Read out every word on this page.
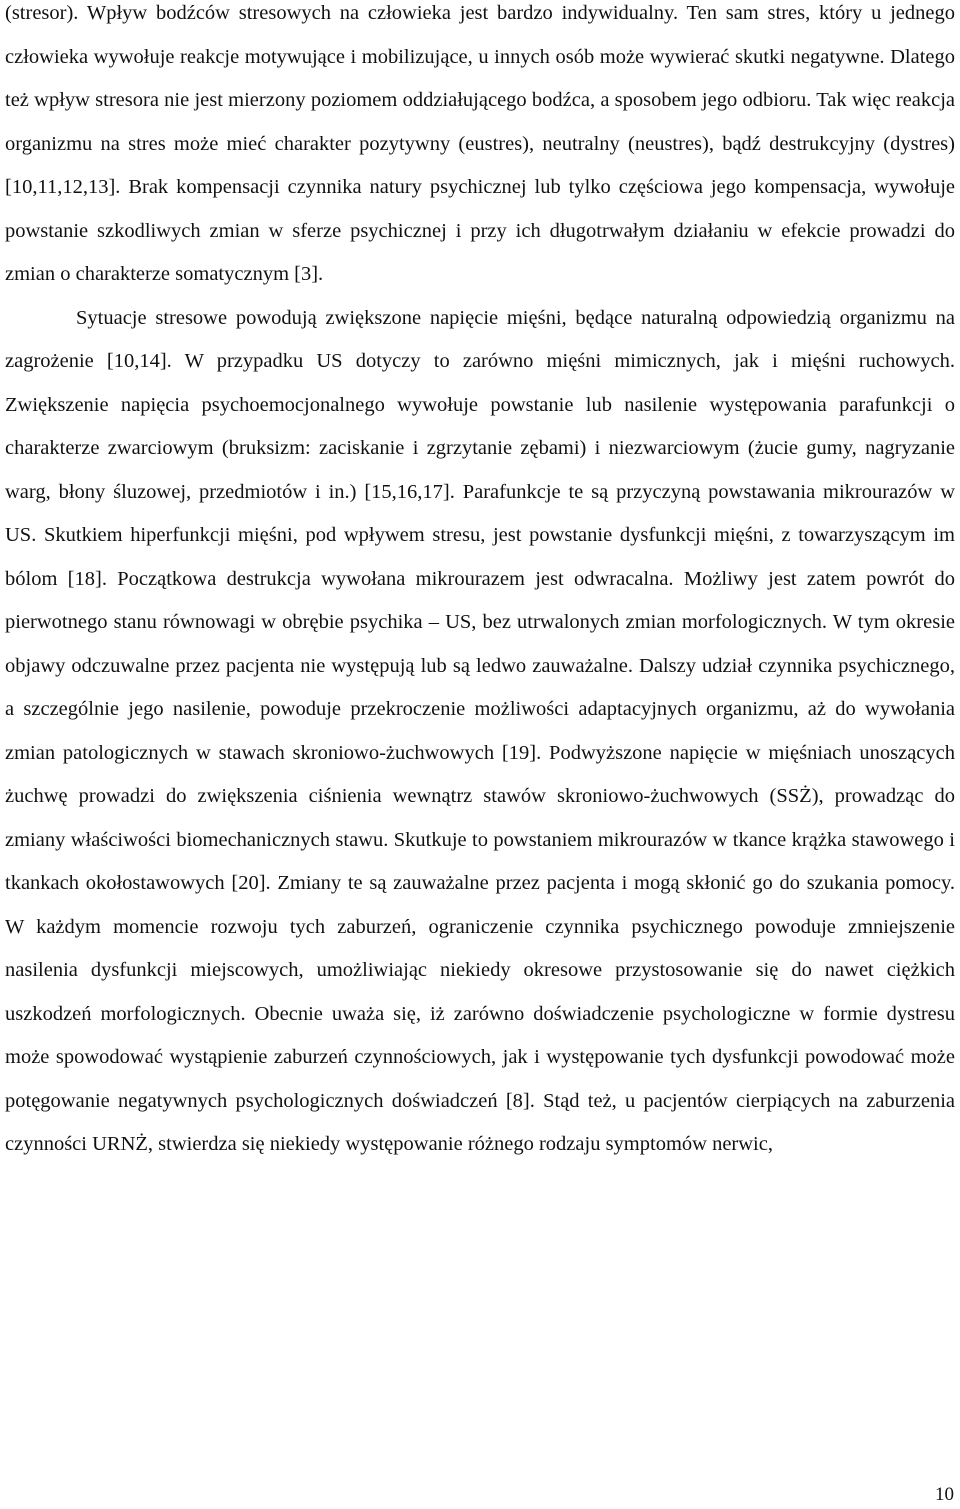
(stresor). Wpływ bodźców stresowych na człowieka jest bardzo indywidualny. Ten sam stres, który u jednego człowieka wywołuje reakcje motywujące i mobilizujące, u innych osób może wywierać skutki negatywne. Dlatego też wpływ stresora nie jest mierzony poziomem oddziałującego bodźca, a sposobem jego odbioru. Tak więc reakcja organizmu na stres może mieć charakter pozytywny (eustres), neutralny (neustres), bądź destrukcyjny (dystres) [10,11,12,13]. Brak kompensacji czynnika natury psychicznej lub tylko częściowa jego kompensacja, wywołuje powstanie szkodliwych zmian w sferze psychicznej i przy ich długotrwałym działaniu w efekcie prowadzi do zmian o charakterze somatycznym [3].

Sytuacje stresowe powodują zwiększone napięcie mięśni, będące naturalną odpowiedzią organizmu na zagrożenie [10,14]. W przypadku US dotyczy to zarówno mięśni mimicznych, jak i mięśni ruchowych. Zwiększenie napięcia psychoemocjonalnego wywołuje powstanie lub nasilenie występowania parafunkcji o charakterze zwarciowym (bruksizm: zaciskanie i zgrzytanie zębami) i niezwarciowym (żucie gumy, nagryzanie warg, błony śluzowej, przedmiotów i in.) [15,16,17]. Parafunkcje te są przyczyną powstawania mikrourazów w US. Skutkiem hiperfunkcji mięśni, pod wpływem stresu, jest powstanie dysfunkcji mięśni, z towarzyszącym im bólom [18]. Początkowa destrukcja wywołana mikrourazem jest odwracalna. Możliwy jest zatem powrót do pierwotnego stanu równowagi w obrębie psychika – US, bez utrwalonych zmian morfologicznych. W tym okresie objawy odczuwalne przez pacjenta nie występują lub są ledwo zauważalne. Dalszy udział czynnika psychicznego, a szczególnie jego nasilenie, powoduje przekroczenie możliwości adaptacyjnych organizmu, aż do wywołania zmian patologicznych w stawach skroniowo-żuchwowych [19]. Podwyższone napięcie w mięśniach unoszących żuchwę prowadzi do zwiększenia ciśnienia wewnątrz stawów skroniowo-żuchwowych (SSŻ), prowadząc do zmiany właściwości biomechanicznych stawu. Skutkuje to powstaniem mikrourazów w tkance krążka stawowego i tkankach okołostawowych [20]. Zmiany te są zauważalne przez pacjenta i mogą skłonić go do szukania pomocy. W każdym momencie rozwoju tych zaburzeń, ograniczenie czynnika psychicznego powoduje zmniejszenie nasilenia dysfunkcji miejscowych, umożliwiając niekiedy okresowe przystosowanie się do nawet ciężkich uszkodzeń morfologicznych. Obecnie uważa się, iż zarówno doświadczenie psychologiczne w formie dystresu może spowodować wystąpienie zaburzeń czynnościowych, jak i występowanie tych dysfunkcji powodować może potęgowanie negatywnych psychologicznych doświadczeń [8]. Stąd też, u pacjentów cierpiących na zaburzenia czynności URNŻ, stwierdza się niekiedy występowanie różnego rodzaju symptomów nerwic,

10
